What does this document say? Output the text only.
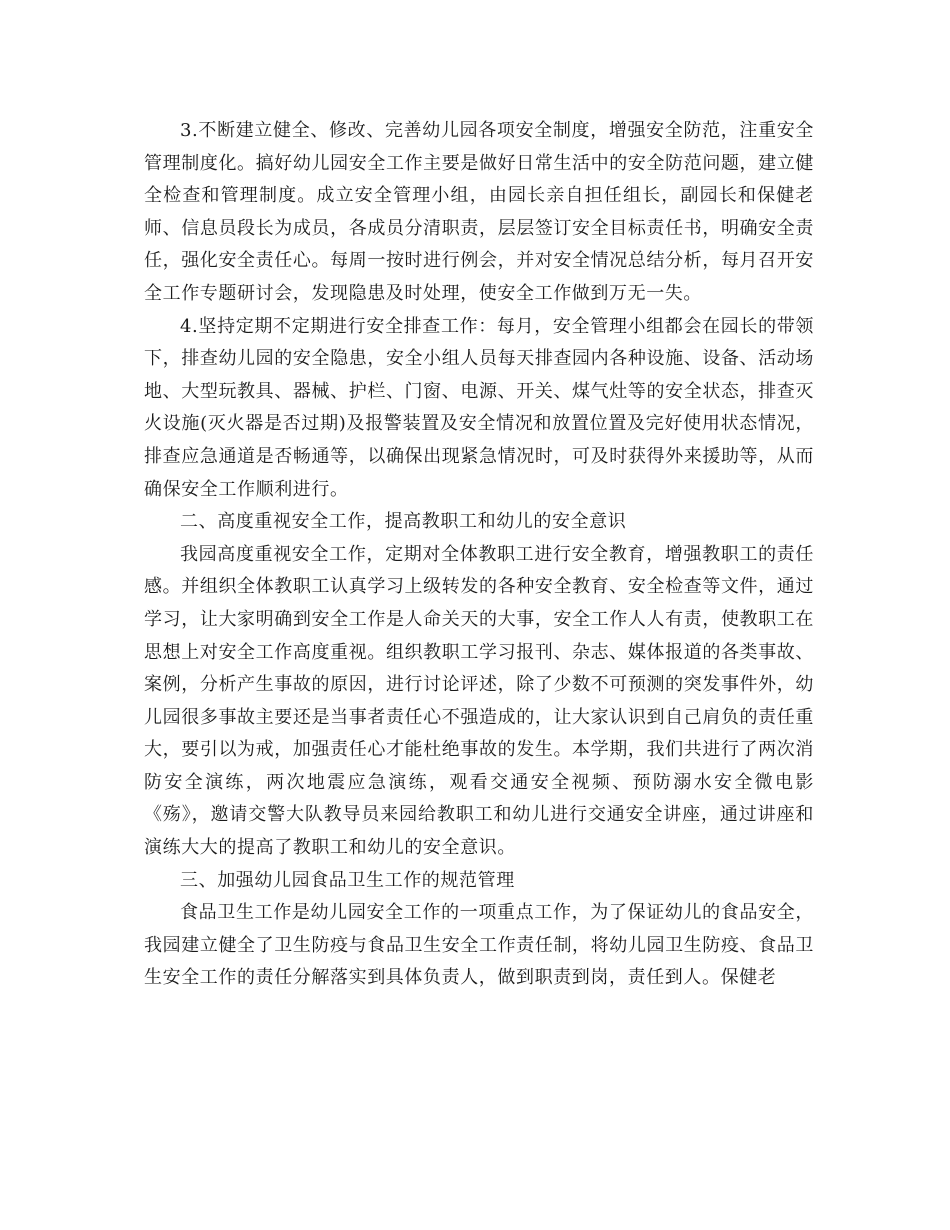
3.不断建立健全、修改、完善幼儿园各项安全制度，增强安全防范，注重安全管理制度化。搞好幼儿园安全工作主要是做好日常生活中的安全防范问题，建立健全检查和管理制度。成立安全管理小组，由园长亲自担任组长，副园长和保健老师、信息员段长为成员，各成员分清职责，层层签订安全目标责任书，明确安全责任，强化安全责任心。每周一按时进行例会，并对安全情况总结分析，每月召开安全工作专题研讨会，发现隐患及时处理，使安全工作做到万无一失。

4.坚持定期不定期进行安全排查工作：每月，安全管理小组都会在园长的带领下，排查幼儿园的安全隐患，安全小组人员每天排查园内各种设施、设备、活动场地、大型玩教具、器械、护栏、门窗、电源、开关、煤气灶等的安全状态，排查灭火设施(灭火器是否过期)及报警装置及安全情况和放置位置及完好使用状态情况，排查应急通道是否畅通等，以确保出现紧急情况时，可及时获得外来援助等，从而确保安全工作顺利进行。

二、高度重视安全工作，提高教职工和幼儿的安全意识

我园高度重视安全工作，定期对全体教职工进行安全教育，增强教职工的责任感。并组织全体教职工认真学习上级转发的各种安全教育、安全检查等文件，通过学习，让大家明确到安全工作是人命关天的大事，安全工作人人有责，使教职工在思想上对安全工作高度重视。组织教职工学习报刊、杂志、媒体报道的各类事故、案例，分析产生事故的原因，进行讨论评述，除了少数不可预测的突发事件外，幼儿园很多事故主要还是当事者责任心不强造成的，让大家认识到自己肩负的责任重大，要引以为戒，加强责任心才能杜绝事故的发生。本学期，我们共进行了两次消防安全演练，两次地震应急演练，观看交通安全视频、预防溺水安全微电影《殇》，邀请交警大队教导员来园给教职工和幼儿进行交通安全讲座，通过讲座和演练大大的提高了教职工和幼儿的安全意识。

三、加强幼儿园食品卫生工作的规范管理

食品卫生工作是幼儿园安全工作的一项重点工作，为了保证幼儿的食品安全，我园建立健全了卫生防疫与食品卫生安全工作责任制，将幼儿园卫生防疫、食品卫生安全工作的责任分解落实到具体负责人，做到职责到岗，责任到人。保健老
